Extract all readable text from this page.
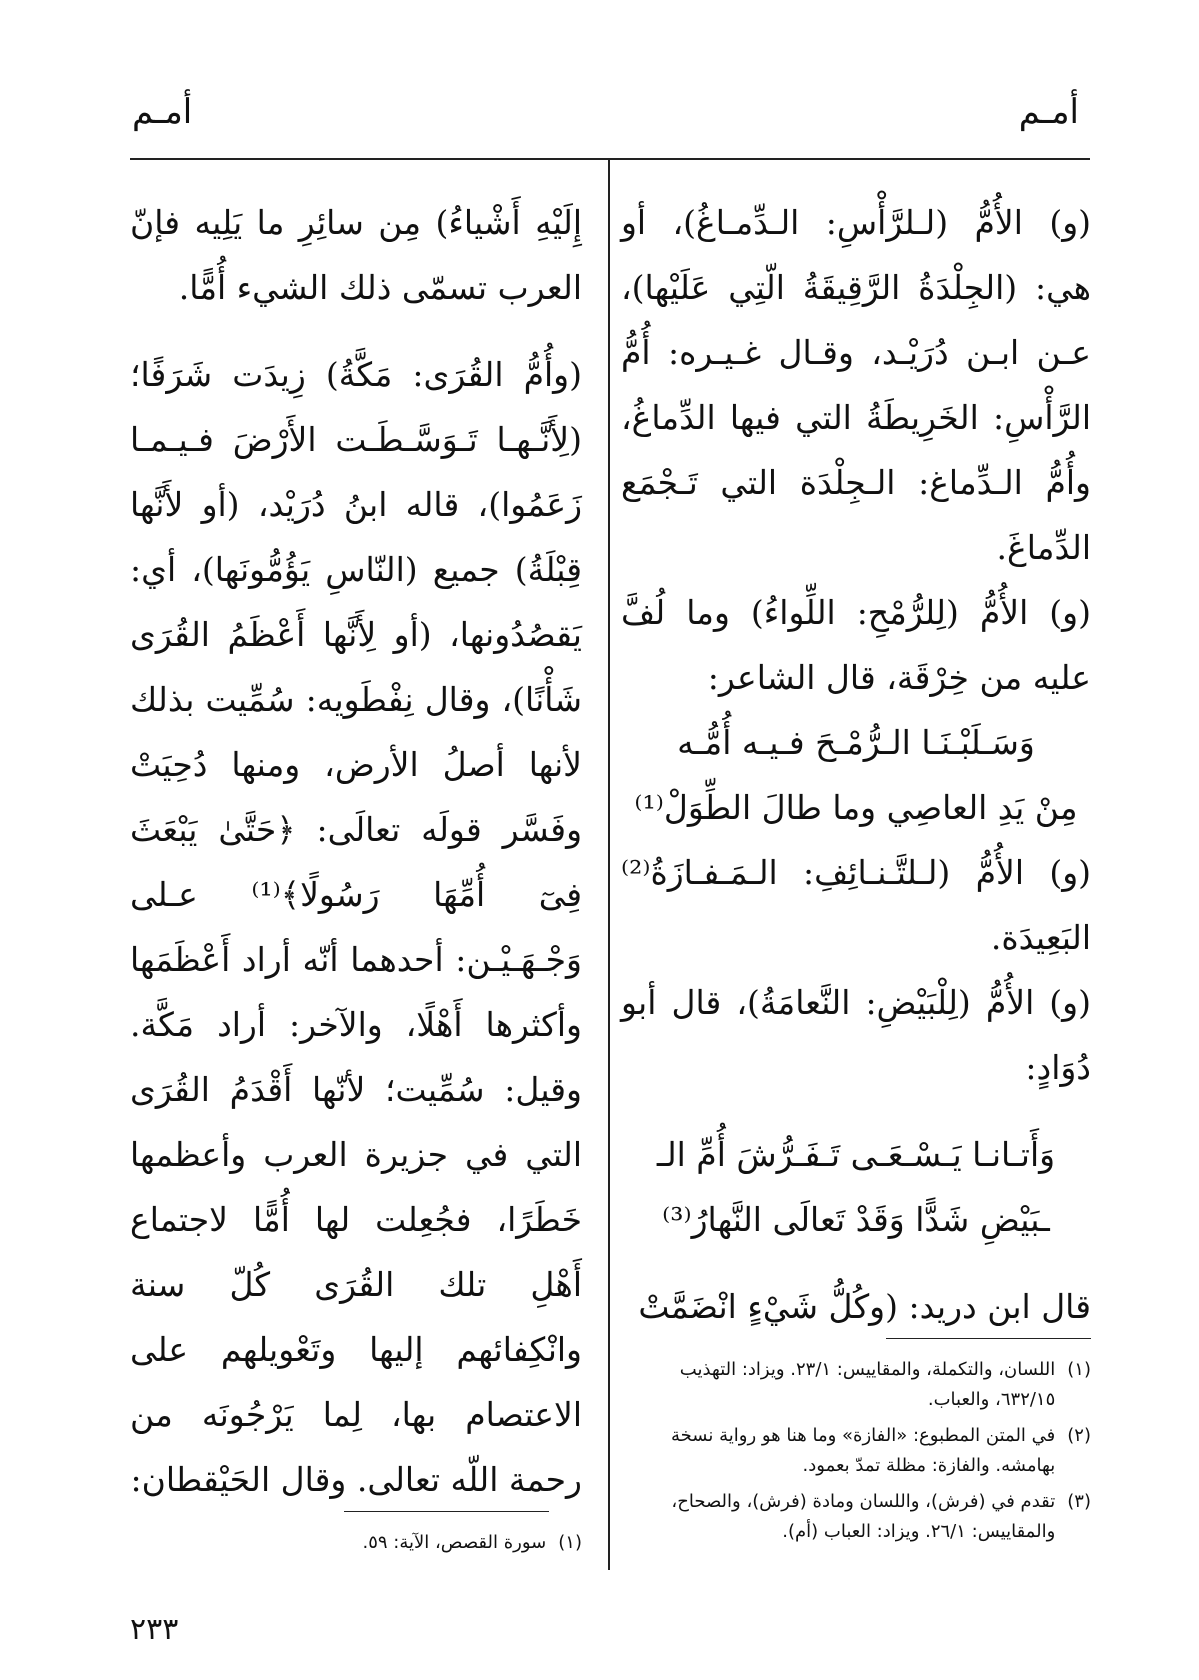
أمـم
أمـم

(و) الأُمُّ (لـلرَّأْسِ: الـدِّمـاغُ)، أو هي: (الجِلْدَةُ الرَّقِيقَةُ الّتِي عَلَيْها)، عـن ابـن دُرَيْـد، وقـال غـيـره: أُمُّ الرَّأْسِ: الخَرِيطَةُ التي فيها الدِّماغُ، وأُمُّ الـدِّماغ: الـجِلْدَة التي تَـجْمَع الدِّماغَ.

(و) الأُمُّ (لِلرُّمْحِ: اللِّواءُ) وما لُفَّ عليه من خِرْقَة، قال الشاعر:

وَسَـلَبْـنَـا الـرُّمْـحَ فـيـه أُمُّـه

مِنْ يَدِ العاصِي وما طالَ الطِّوَلْ⁽¹⁾

(و) الأُمُّ (لـلتَّـنـائِفِ: الـمَـفـازَةُ⁽²⁾ البَعِيدَة.

(و) الأُمُّ (لِلْبَيْضِ: النَّعامَةُ)، قال أبو دُوَادٍ:

وَأَتـانـا يَـسْـعَـى تَـفَـرُّشَ أُمِّ الـ

ـبَيْضِ شَدًّا وَقَدْ تَعالَى النَّهارُ⁽³⁾

قال ابن دريد: (وكُلُّ شَيْءٍ انْضَمَّتْ

إِلَيْهِ أَشْياءُ) مِن سائِرِ ما يَلِيه فإنّ العرب تسمّى ذلك الشيء أُمًّا.

(وأُمُّ القُرَى: مَكَّةُ) زِيدَت شَرَفًا؛ (لِأَنَّـهـا تَـوَسَّـطَـت الأَرْضَ فـيـمـا زَعَمُوا)، قاله ابنُ دُرَيْد، (أو لأَنَّها قِبْلَةُ) جميع (النّاسِ يَؤُمُّونَها)، أي: يَقصُدُونها، (أو لِأَنَّها أَعْظَمُ القُرَى شَأْنًا)، وقال نِفْطَويه: سُمِّيت بذلك لأنها أصلُ الأرض، ومنها دُحِيَتْ وفَسَّر قولَه تعالَى: ﴿حَتَّىٰ يَبْعَثَ فِىٓ أُمِّهَا رَسُولًا﴾⁽¹⁾ عـلى وَجْـهَـيْـن: أحدهما أنّه أراد أَعْظَمَها وأكثرها أَهْلًا، والآخر: أراد مَكَّة. وقيل: سُمِّيت؛ لأنّها أَقْدَمُ القُرَى التي في جزيرة العرب وأعظمها خَطَرًا، فجُعِلت لها أُمًّا لاجتماع أَهْلِ تلك القُرَى كُلّ سنة وانْكِفائهم إليها وتَعْويلهم على الاعتصام بها، لِما يَرْجُونَه من رحمة اللّه تعالى. وقال الحَيْقطان:

(١)
اللسان، والتكملة، والمقاييس: ٢٣/١. ويزاد: التهذيب ٦٣٢/١٥، والعباب.
(٢)
في المتن المطبوع: «الفازة» وما هنا هو رواية نسخة بهامشه. والفازة: مظلة تمدّ بعمود.
(٣)
تقدم في (فرش)، واللسان ومادة (فرش)، والصحاح، والمقاييس: ٢٦/١. ويزاد: العباب (أم).
(١)
سورة القصص، الآية: ٥٩.
٢٣٣
